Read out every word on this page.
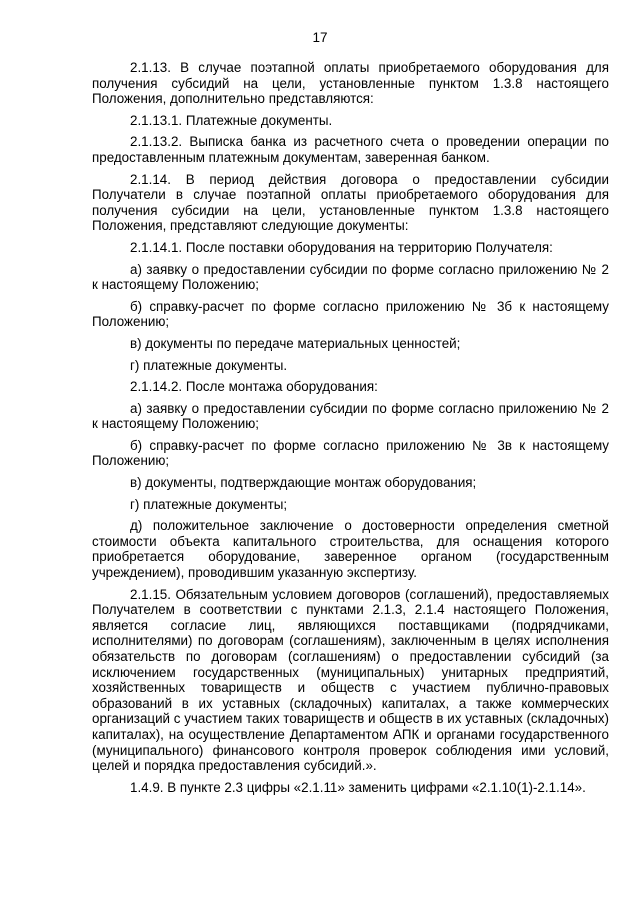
17

2.1.13. В случае поэтапной оплаты приобретаемого оборудования для получения субсидий на цели, установленные пунктом 1.3.8 настоящего Положения, дополнительно представляются:

2.1.13.1. Платежные документы.

2.1.13.2. Выписка банка из расчетного счета о проведении операции по предоставленным платежным документам, заверенная банком.

2.1.14. В период действия договора о предоставлении субсидии Получатели в случае поэтапной оплаты приобретаемого оборудования для получения субсидии на цели, установленные пунктом 1.3.8 настоящего Положения, представляют следующие документы:

2.1.14.1. После поставки оборудования на территорию Получателя:

а) заявку о предоставлении субсидии по форме согласно приложению № 2 к настоящему Положению;

б) справку-расчет по форме согласно приложению № 3б к настоящему Положению;

в) документы по передаче материальных ценностей;

г) платежные документы.

2.1.14.2. После монтажа оборудования:

а) заявку о предоставлении субсидии по форме согласно приложению № 2 к настоящему Положению;

б) справку-расчет по форме согласно приложению № 3в к настоящему Положению;

в) документы, подтверждающие монтаж оборудования;

г) платежные документы;

д) положительное заключение о достоверности определения сметной стоимости объекта капитального строительства, для оснащения которого приобретается оборудование, заверенное органом (государственным учреждением), проводившим указанную экспертизу.

2.1.15. Обязательным условием договоров (соглашений), предоставляемых Получателем в соответствии с пунктами 2.1.3, 2.1.4 настоящего Положения, является согласие лиц, являющихся поставщиками (подрядчиками, исполнителями) по договорам (соглашениям), заключенным в целях исполнения обязательств по договорам (соглашениям) о предоставлении субсидий (за исключением государственных (муниципальных) унитарных предприятий, хозяйственных товариществ и обществ с участием публично-правовых образований в их уставных (складочных) капиталах, а также коммерческих организаций с участием таких товариществ и обществ в их уставных (складочных) капиталах), на осуществление Департаментом АПК и органами государственного (муниципального) финансового контроля проверок соблюдения ими условий, целей и порядка предоставления субсидий.».

1.4.9. В пункте 2.3 цифры «2.1.11» заменить цифрами «2.1.10(1)-2.1.14».
